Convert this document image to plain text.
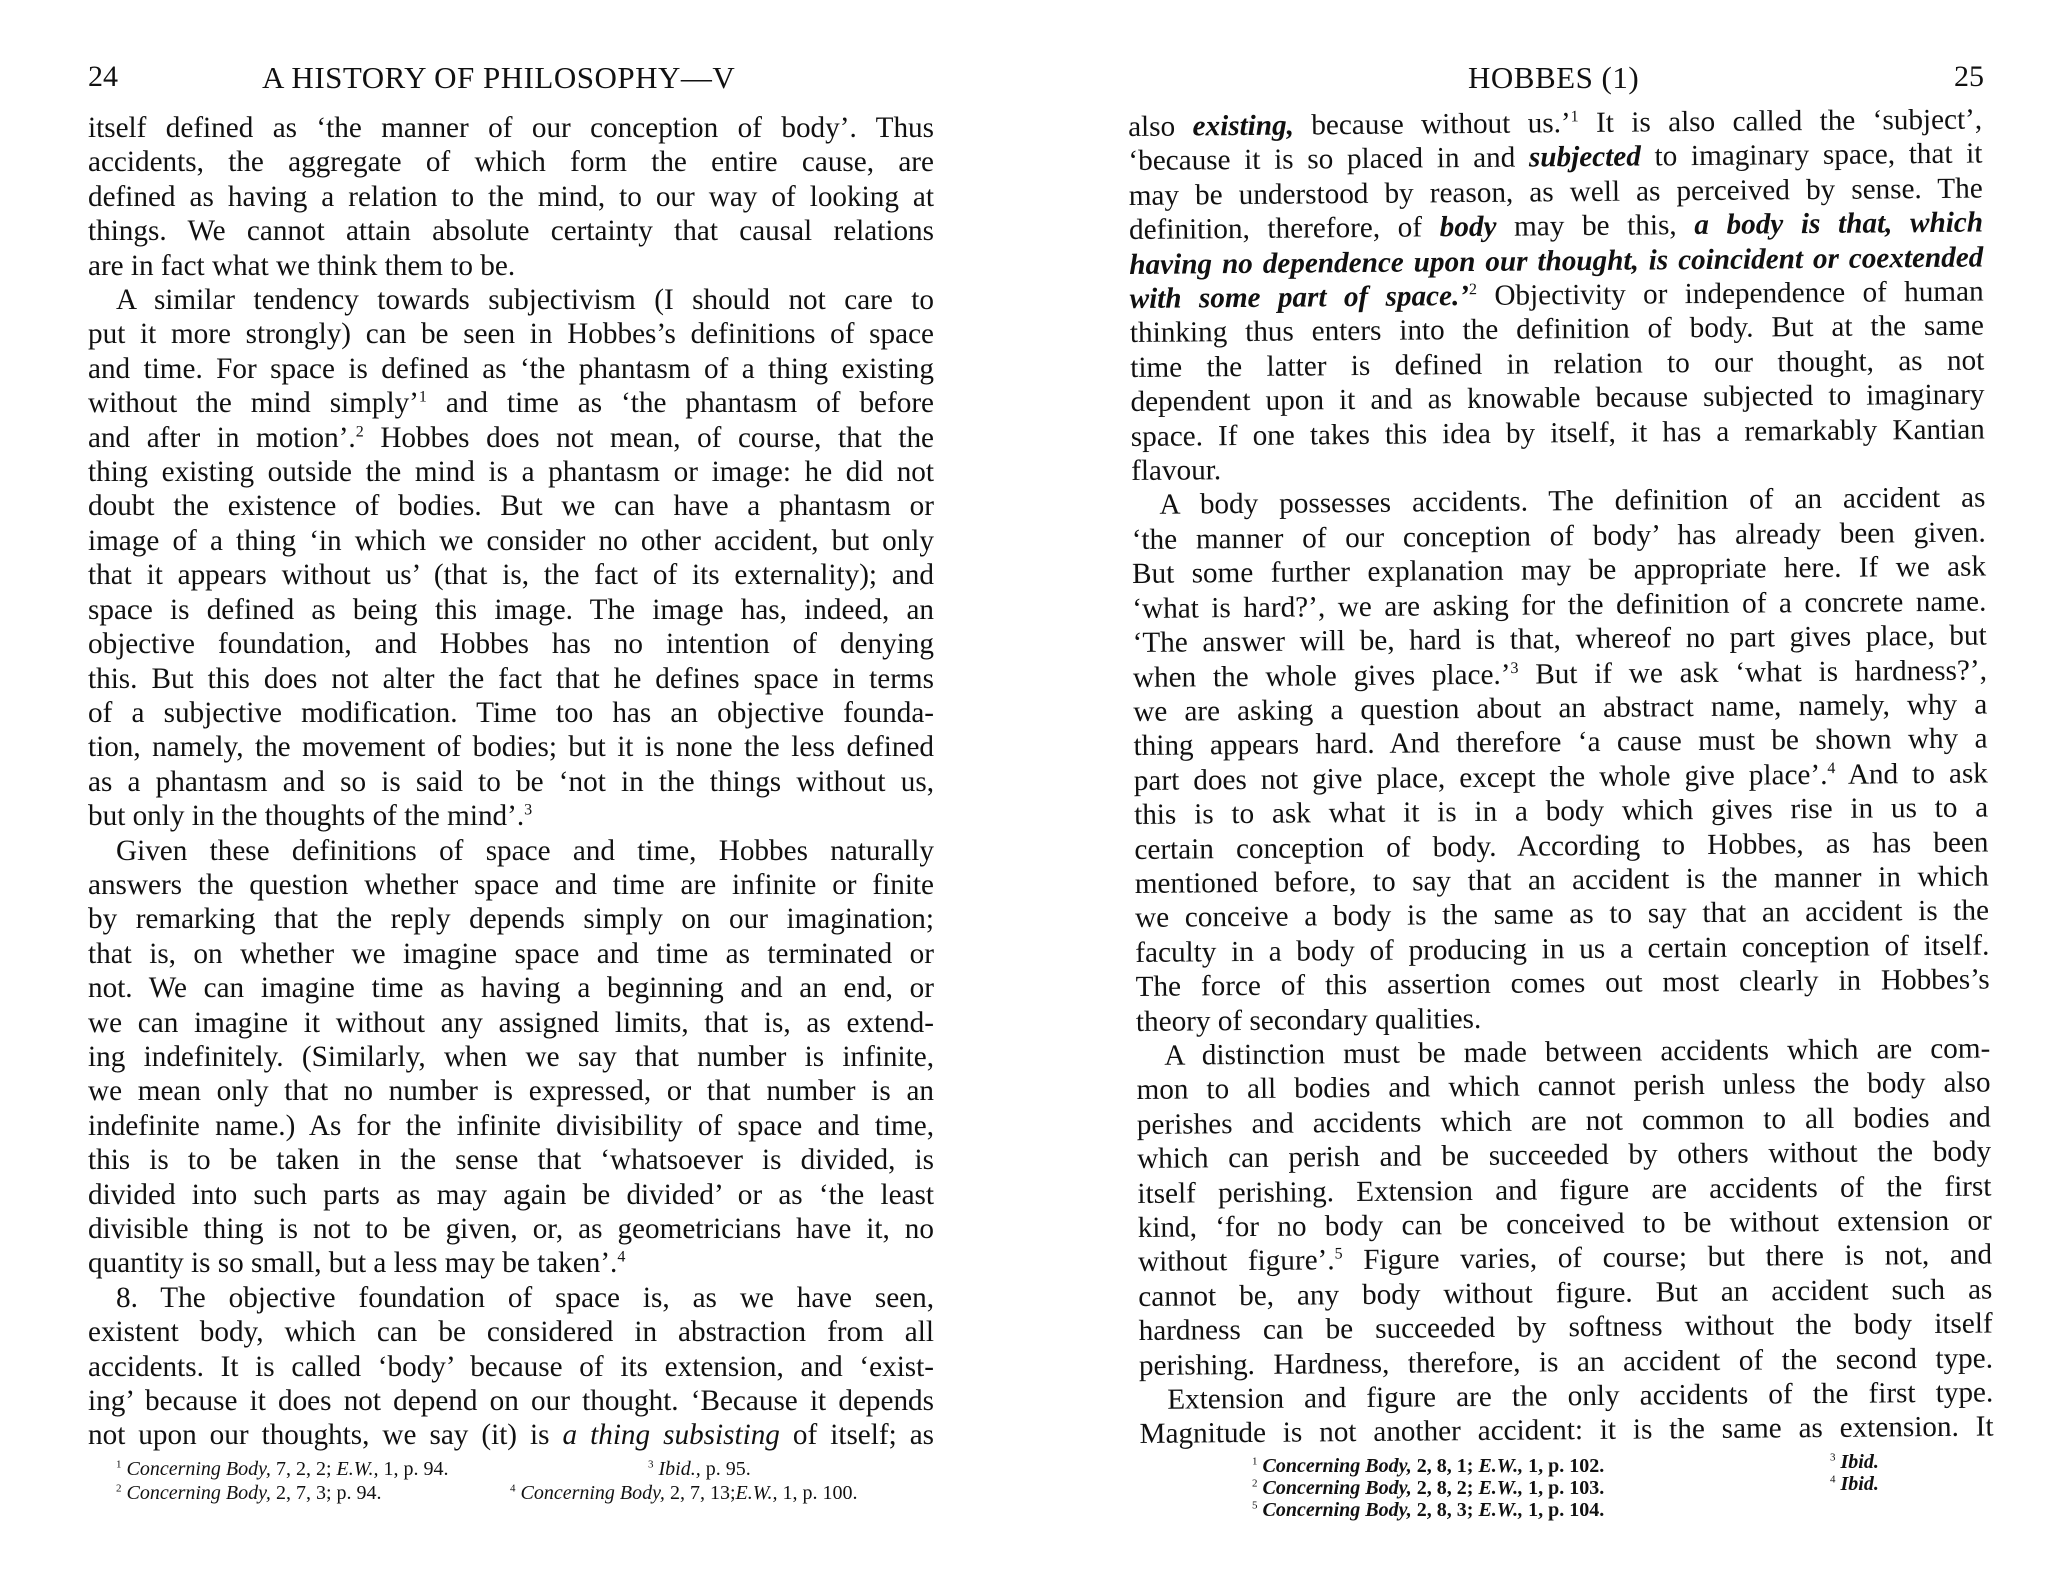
24	A HISTORY OF PHILOSOPHY—V

itself defined as ‘the manner of our conception of body’. Thus

accidents, the aggregate of which form the entire cause, are

defined as having a relation to the mind, to our way of looking at

things. We cannot attain absolute certainty that causal relations

are in fact what we think them to be.

A similar tendency towards subjectivism (I should not care to

put it more strongly) can be seen in Hobbes’s definitions of space

and time. For space is defined as ‘the phantasm of a thing existing

without the mind simply’$^1$ and time as ‘the phantasm of before

and after in motion’.$^2$ Hobbes does not mean, of course, that the

thing existing outside the mind is a phantasm or image: he did not

doubt the existence of bodies. But we can have a phantasm or

image of a thing ‘in which we consider no other accident, but only

that it appears without us’ (that is, the fact of its externality); and

space is defined as being this image. The image has, indeed, an

objective foundation, and Hobbes has no intention of denying

this. But this does not alter the fact that he defines space in terms

of a subjective modification. Time too has an objective founda-

tion, namely, the movement of bodies; but it is none the less defined

as a phantasm and so is said to be ‘not in the things without us,

but only in the thoughts of the mind’.$^3$

Given these definitions of space and time, Hobbes naturally

answers the question whether space and time are infinite or finite

by remarking that the reply depends simply on our imagination;

that is, on whether we imagine space and time as terminated or

not. We can imagine time as having a beginning and an end, or

we can imagine it without any assigned limits, that is, as extend-

ing indefinitely. (Similarly, when we say that number is infinite,

we mean only that no number is expressed, or that number is an

indefinite name.) As for the infinite divisibility of space and time,

this is to be taken in the sense that ‘whatsoever is divided, is

divided into such parts as may again be divided’ or as ‘the least

divisible thing is not to be given, or, as geometricians have it, no

quantity is so small, but a less may be taken’.$^4$

8. The objective foundation of space is, as we have seen,

existent body, which can be considered in abstraction from all

accidents. It is called ‘body’ because of its extension, and ‘exist-

ing’ because it does not depend on our thought. ‘Because it depends

not upon our thoughts, we say (it) is a thing subsisting of itself; as

$^1$ Concerning Body, 7, 2, 2; E.W., 1, p. 94.
$^2$ Concerning Body, 2, 7, 3; p. 94.
$^3$ Ibid., p. 95.
$^4$ Concerning Body, 2, 7, 13;E.W., 1, p. 100.
HOBBES (1)	25

also existing, because without us.’$^1$ It is also called the ‘subject’,

‘because it is so placed in and subjected to imaginary space, that it

may be understood by reason, as well as perceived by sense. The

definition, therefore, of body may be this, a body is that, which

having no dependence upon our thought, is coincident or coextended

with some part of space.’$^2$ Objectivity or independence of human

thinking thus enters into the definition of body. But at the same

time the latter is defined in relation to our thought, as not

dependent upon it and as knowable because subjected to imaginary

space. If one takes this idea by itself, it has a remarkably Kantian

flavour.

A body possesses accidents. The definition of an accident as

‘the manner of our conception of body’ has already been given.

But some further explanation may be appropriate here. If we ask

‘what is hard?’, we are asking for the definition of a concrete name.

‘The answer will be, hard is that, whereof no part gives place, but

when the whole gives place.’$^3$ But if we ask ‘what is hardness?’,

we are asking a question about an abstract name, namely, why a

thing appears hard. And therefore ‘a cause must be shown why a

part does not give place, except the whole give place’.$^4$ And to ask

this is to ask what it is in a body which gives rise in us to a

certain conception of body. According to Hobbes, as has been

mentioned before, to say that an accident is the manner in which

we conceive a body is the same as to say that an accident is the

faculty in a body of producing in us a certain conception of itself.

The force of this assertion comes out most clearly in Hobbes’s

theory of secondary qualities.

A distinction must be made between accidents which are com-

mon to all bodies and which cannot perish unless the body also

perishes and accidents which are not common to all bodies and

which can perish and be succeeded by others without the body

itself perishing. Extension and figure are accidents of the first

kind, ‘for no body can be conceived to be without extension or

without figure’.$^5$ Figure varies, of course; but there is not, and

cannot be, any body without figure. But an accident such as

hardness can be succeeded by softness without the body itself

perishing. Hardness, therefore, is an accident of the second type.

Extension and figure are the only accidents of the first type.

Magnitude is not another accident: it is the same as extension. It

$^1$ Concerning Body, 2, 8, 1; E.W., 1, p. 102.
$^2$ Concerning Body, 2, 8, 2; E.W., 1, p. 103.
$^5$ Concerning Body, 2, 8, 3; E.W., 1, p. 104.
$^3$ Ibid.
$^4$ Ibid.
